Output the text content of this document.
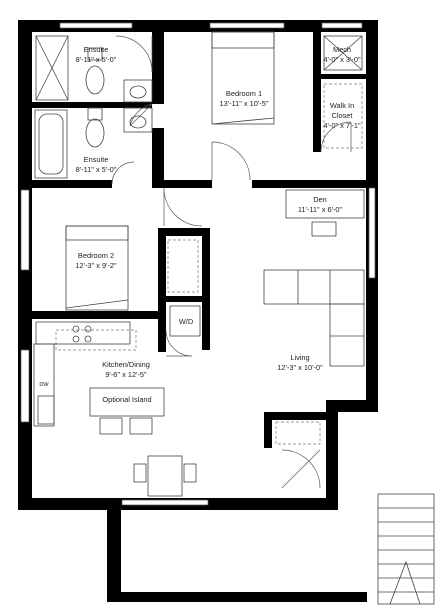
Ensuite
8'-11" x 5'-0"
Ensuite
8'-11" x 5'-0"
Bedroom 1
13'-11" x 10'-5"
Mech
4'-0" x 3'-0"
Walk In
Closet
4'-0" x 7'-1"
Den
11'-11" x 6'-0"
Bedroom 2
12'-3" x 9'-2"
W/D
Kitchen/Dining
9'-6" x 12'-5"
Optional Island
DW
Living
12'-3" x 10'-0"
